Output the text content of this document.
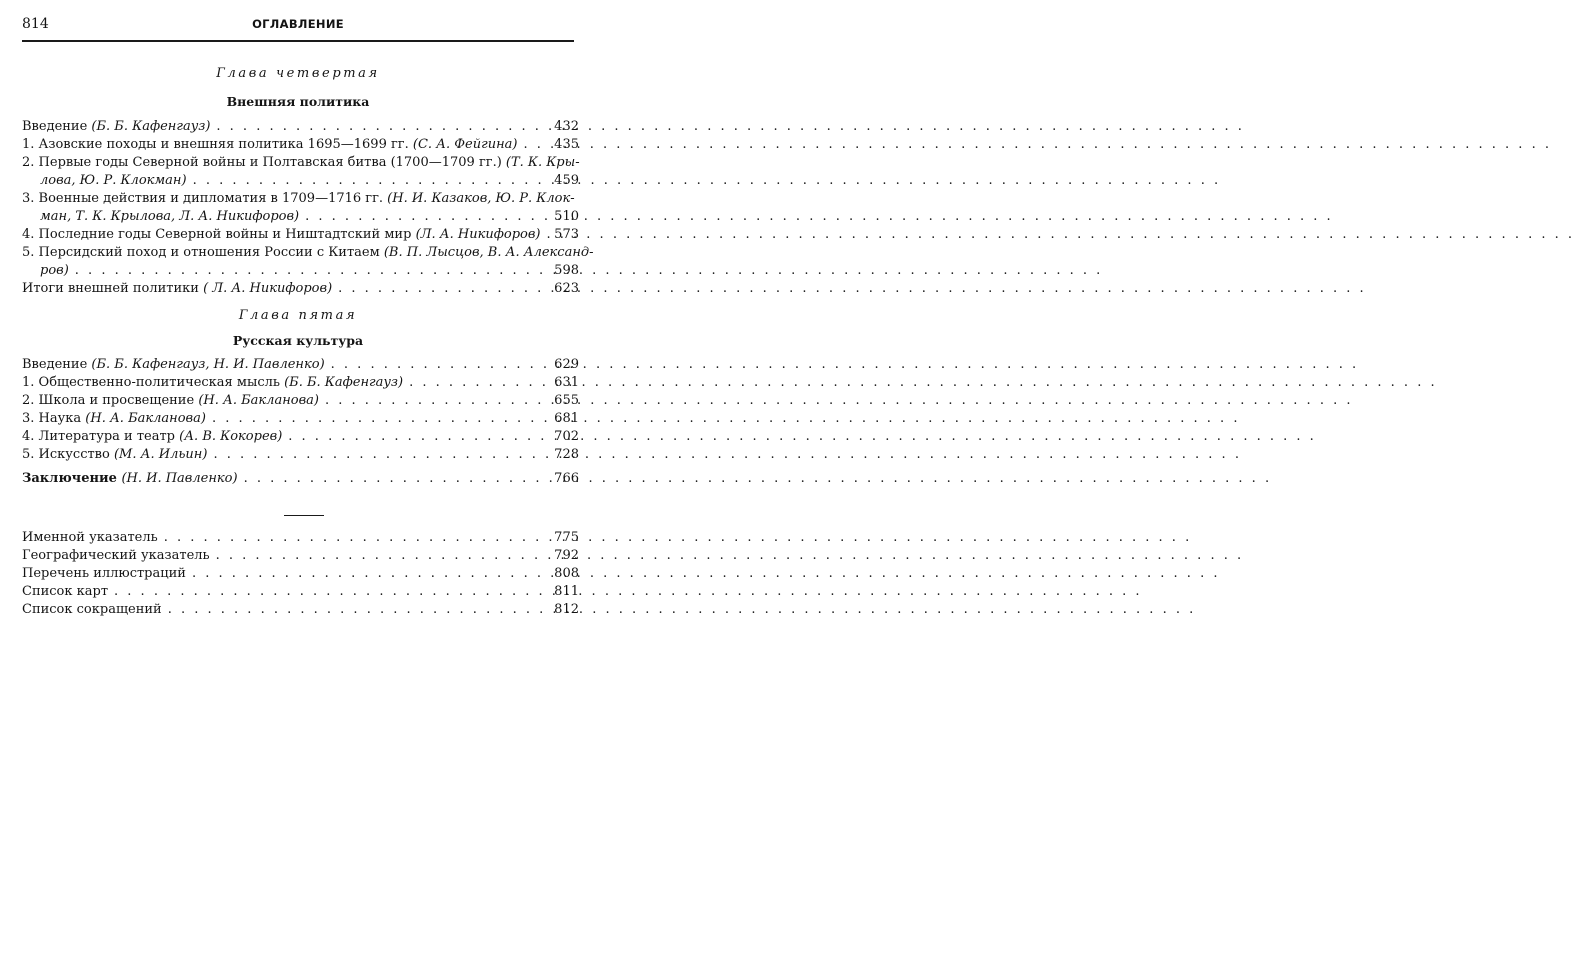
814	ОГЛАВЛЕНИЕ
Глава четвертая
Внешняя политика
Введение (Б. Б. Кафенгауз) . . .	432
1. Азовские походы и внешняя политика 1695—1699 гг. (С. А. Фейгина) . . .	435
2. Первые годы Северной войны и Полтавская битва (1700—1709 гг.) (Т. К. Кры-
лова, Ю. Р. Клокман) . . .	459
3. Военные действия и дипломатия в 1709—1716 гг. (Н. И. Казаков, Ю. Р. Клок-
ман, Т. К. Крылова, Л. А. Никифоров) . . .	510
4. Последние годы Северной войны и Ништадтский мир (Л. А. Никифоров) . . .	573
5. Персидский поход и отношения России с Китаем (В. П. Лысцов, В. А. Александ-
ров) . . .	598
Итоги внешней политики ( Л. А. Никифоров) . . .	623
Глава пятая
Русская культура
Введение (Б. Б. Кафенгауз, Н. И. Павленко) . . .	629
1. Общественно-политическая мысль (Б. Б. Кафенгауз) . . .	631
2. Школа и просвещение (Н. А. Бакланова) . . .	655
3. Наука (Н. А. Бакланова) . . .	681
4. Литература и театр (А. В. Кокорев) . . .	702
5. Искусство (М. А. Ильин) . . .	728
Заключение (Н. И. Павленко) . . .	766
Именной указатель . . .	775
Географический указатель . . .	792
Перечень иллюстраций . . .	808
Список карт . . .	811
Список сокращений . . .	812
